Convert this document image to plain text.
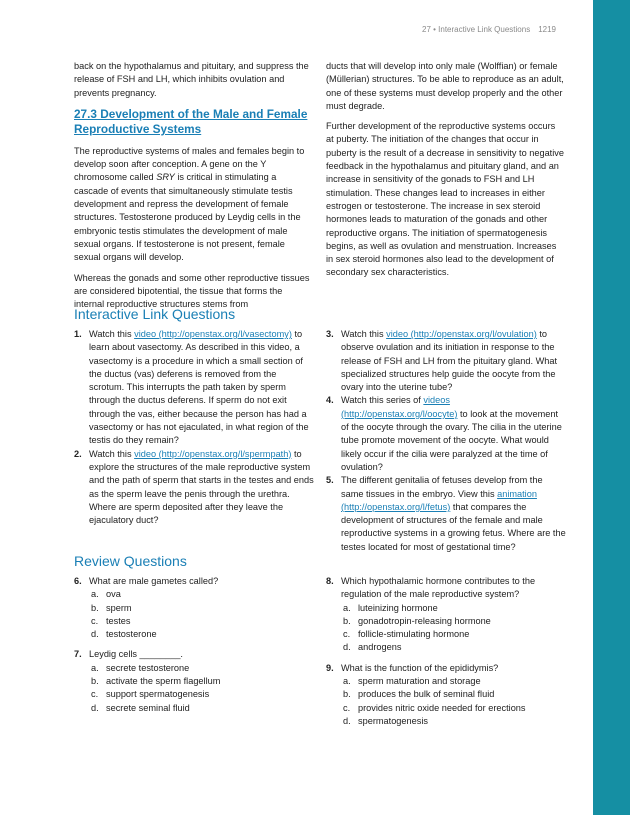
27 • Interactive Link Questions 1219

back on the hypothalamus and pituitary, and suppress the release of FSH and LH, which inhibits ovulation and prevents pregnancy.

27.3 Development of the Male and Female Reproductive Systems

The reproductive systems of males and females begin to develop soon after conception. A gene on the Y chromosome called SRY is critical in stimulating a cascade of events that simultaneously stimulate testis development and repress the development of female structures. Testosterone produced by Leydig cells in the embryonic testis stimulates the development of male sexual organs. If testosterone is not present, female sexual organs will develop.

Whereas the gonads and some other reproductive tissues are considered bipotential, the tissue that forms the internal reproductive structures stems from

ducts that will develop into only male (Wolffian) or female (Müllerian) structures. To be able to reproduce as an adult, one of these systems must develop properly and the other must degrade.

Further development of the reproductive systems occurs at puberty. The initiation of the changes that occur in puberty is the result of a decrease in sensitivity to negative feedback in the hypothalamus and pituitary gland, and an increase in sensitivity of the gonads to FSH and LH stimulation. These changes lead to increases in either estrogen or testosterone. The increase in sex steroid hormones leads to maturation of the gonads and other reproductive organs. The initiation of spermatogenesis begins, as well as ovulation and menstruation. Increases in sex steroid hormones also lead to the development of secondary sex characteristics.

Interactive Link Questions
1. Watch this video (http://openstax.org/l/vasectomy) to learn about vasectomy. As described in this video, a vasectomy is a procedure in which a small section of the ductus (vas) deferens is removed from the scrotum. This interrupts the path taken by sperm through the ductus deferens. If sperm do not exit through the vas, either because the person has had a vasectomy or has not ejaculated, in what region of the testis do they remain?
2. Watch this video (http://openstax.org/l/spermpath) to explore the structures of the male reproductive system and the path of sperm that starts in the testes and ends as the sperm leave the penis through the urethra. Where are sperm deposited after they leave the ejaculatory duct?
3. Watch this video (http://openstax.org/l/ovulation) to observe ovulation and its initiation in response to the release of FSH and LH from the pituitary gland. What specialized structures help guide the oocyte from the ovary into the uterine tube?
4. Watch this series of videos (http://openstax.org/l/oocyte) to look at the movement of the oocyte through the ovary. The cilia in the uterine tube promote movement of the oocyte. What would likely occur if the cilia were paralyzed at the time of ovulation?
5. The different genitalia of fetuses develop from the same tissues in the embryo. View this animation (http://openstax.org/l/fetus) that compares the development of structures of the female and male reproductive systems in a growing fetus. Where are the testes located for most of gestational time?
Review Questions
6. What are male gametes called?
a. ova
b. sperm
c. testes
d. testosterone
7. Leydig cells ________.
a. secrete testosterone
b. activate the sperm flagellum
c. support spermatogenesis
d. secrete seminal fluid
8. Which hypothalamic hormone contributes to the regulation of the male reproductive system?
a. luteinizing hormone
b. gonadotropin-releasing hormone
c. follicle-stimulating hormone
d. androgens
9. What is the function of the epididymis?
a. sperm maturation and storage
b. produces the bulk of seminal fluid
c. provides nitric oxide needed for erections
d. spermatogenesis
